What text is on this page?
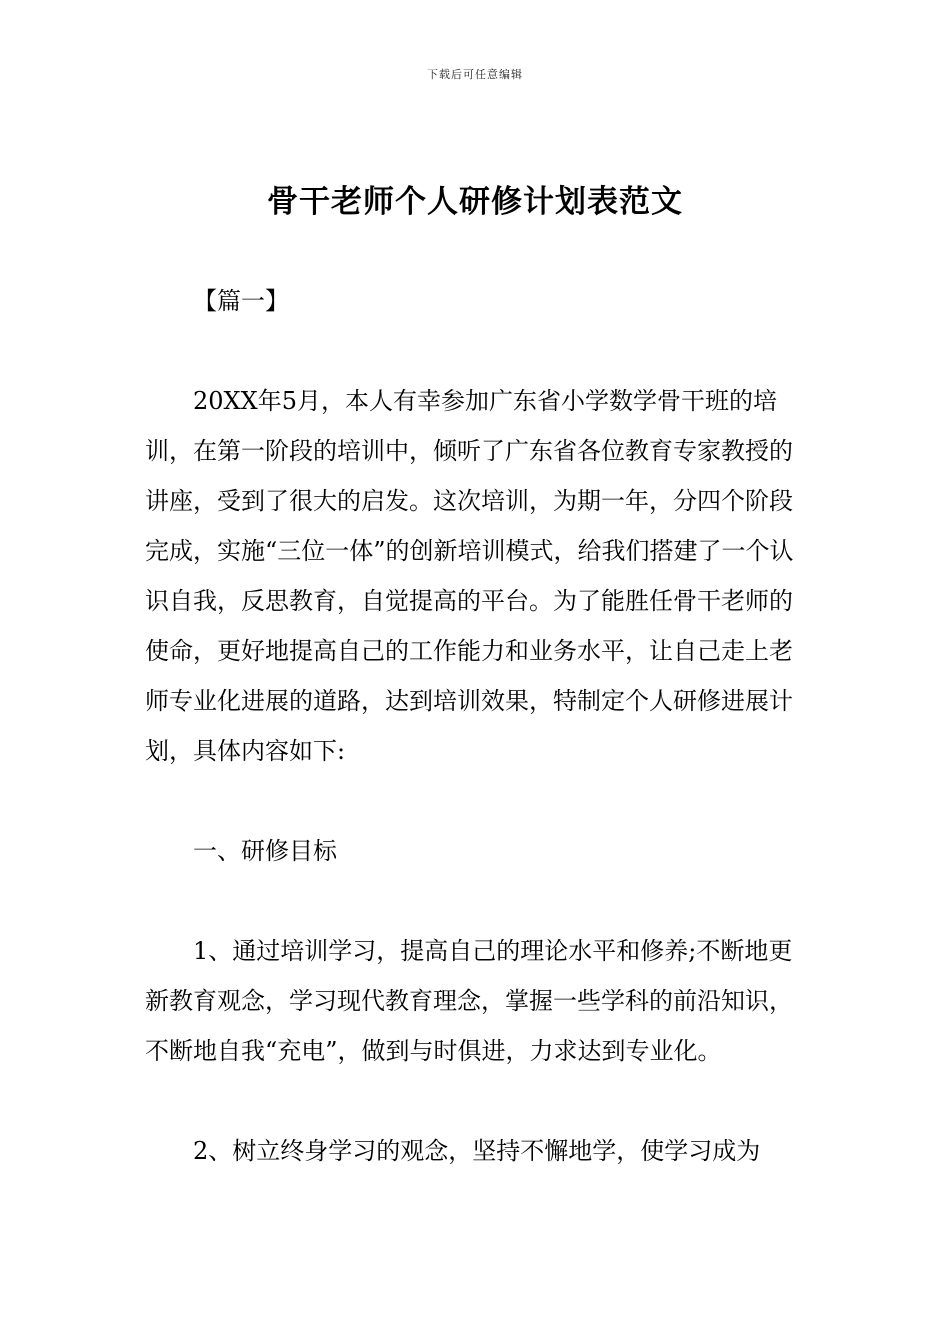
下载后可任意编辑
骨干老师个人研修计划表范文

【篇一】

20XX年5月，本人有幸参加广东省小学数学骨干班的培训，在第一阶段的培训中，倾听了广东省各位教育专家教授的讲座，受到了很大的启发。这次培训，为期一年，分四个阶段完成，实施“三位一体”的创新培训模式，给我们搭建了一个认识自我，反思教育，自觉提高的平台。为了能胜任骨干老师的使命，更好地提高自己的工作能力和业务水平，让自己走上老师专业化进展的道路，达到培训效果，特制定个人研修进展计划，具体内容如下:

一、研修目标

1、通过培训学习，提高自己的理论水平和修养;不断地更新教育观念，学习现代教育理念，掌握一些学科的前沿知识，不断地自我“充电”，做到与时俱进，力求达到专业化。

2、树立终身学习的观念，坚持不懈地学，使学习成为
